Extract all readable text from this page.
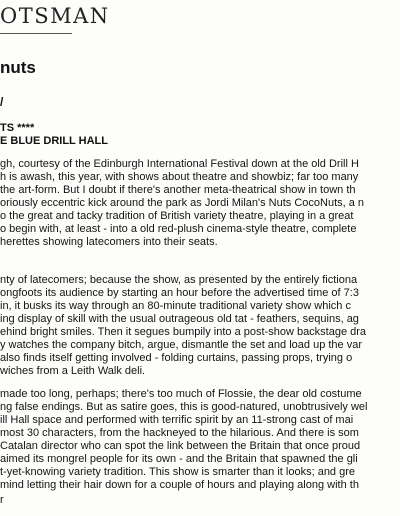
OTSMAN
nuts
/
TS ****
E BLUE DRILL HALL
gh, courtesy of the Edinburgh International Festival down at the old Drill H
h is awash, this year, with shows about theatre and showbiz; far too many
the art-form. But I doubt if there's another meta-theatrical show in town th
oriously eccentric kick around the park as Jordi Milan's Nuts CocoNuts, a n
o the great and tacky tradition of British variety theatre, playing in a great
o begin with, at least - into a old red-plush cinema-style theatre, complete
herettes showing latecomers into their seats.
nty of latecomers; because the show, as presented by the entirely fictiona
ongfoots its audience by starting an hour before the advertised time of 7:3
in, it busks its way through an 80-minute traditional variety show which c
ing display of skill with the usual outrageous old tat - feathers, sequins, ag
ehind bright smiles. Then it segues bumpily into a post-show backstage dra
y watches the company bitch, argue, dismantle the set and load up the var
also finds itself getting involved - folding curtains, passing props, trying o
wiches from a Leith Walk deli.
made too long, perhaps; there's too much of Flossie, the dear old costume
ng false endings. But as satire goes, this is good-natured, unobtrusively wel
ill Hall space and performed with terrific spirit by an 11-strong cast of mai
most 30 characters, from the hackneyed to the hilarious. And there is som
Catalan director who can spot the link between the Britain that once proud
aimed its mongrel people for its own - and the Britain that spawned the gli
t-yet-knowing variety tradition. This show is smarter than it looks; and gre
mind letting their hair down for a couple of hours and playing along with th
r
